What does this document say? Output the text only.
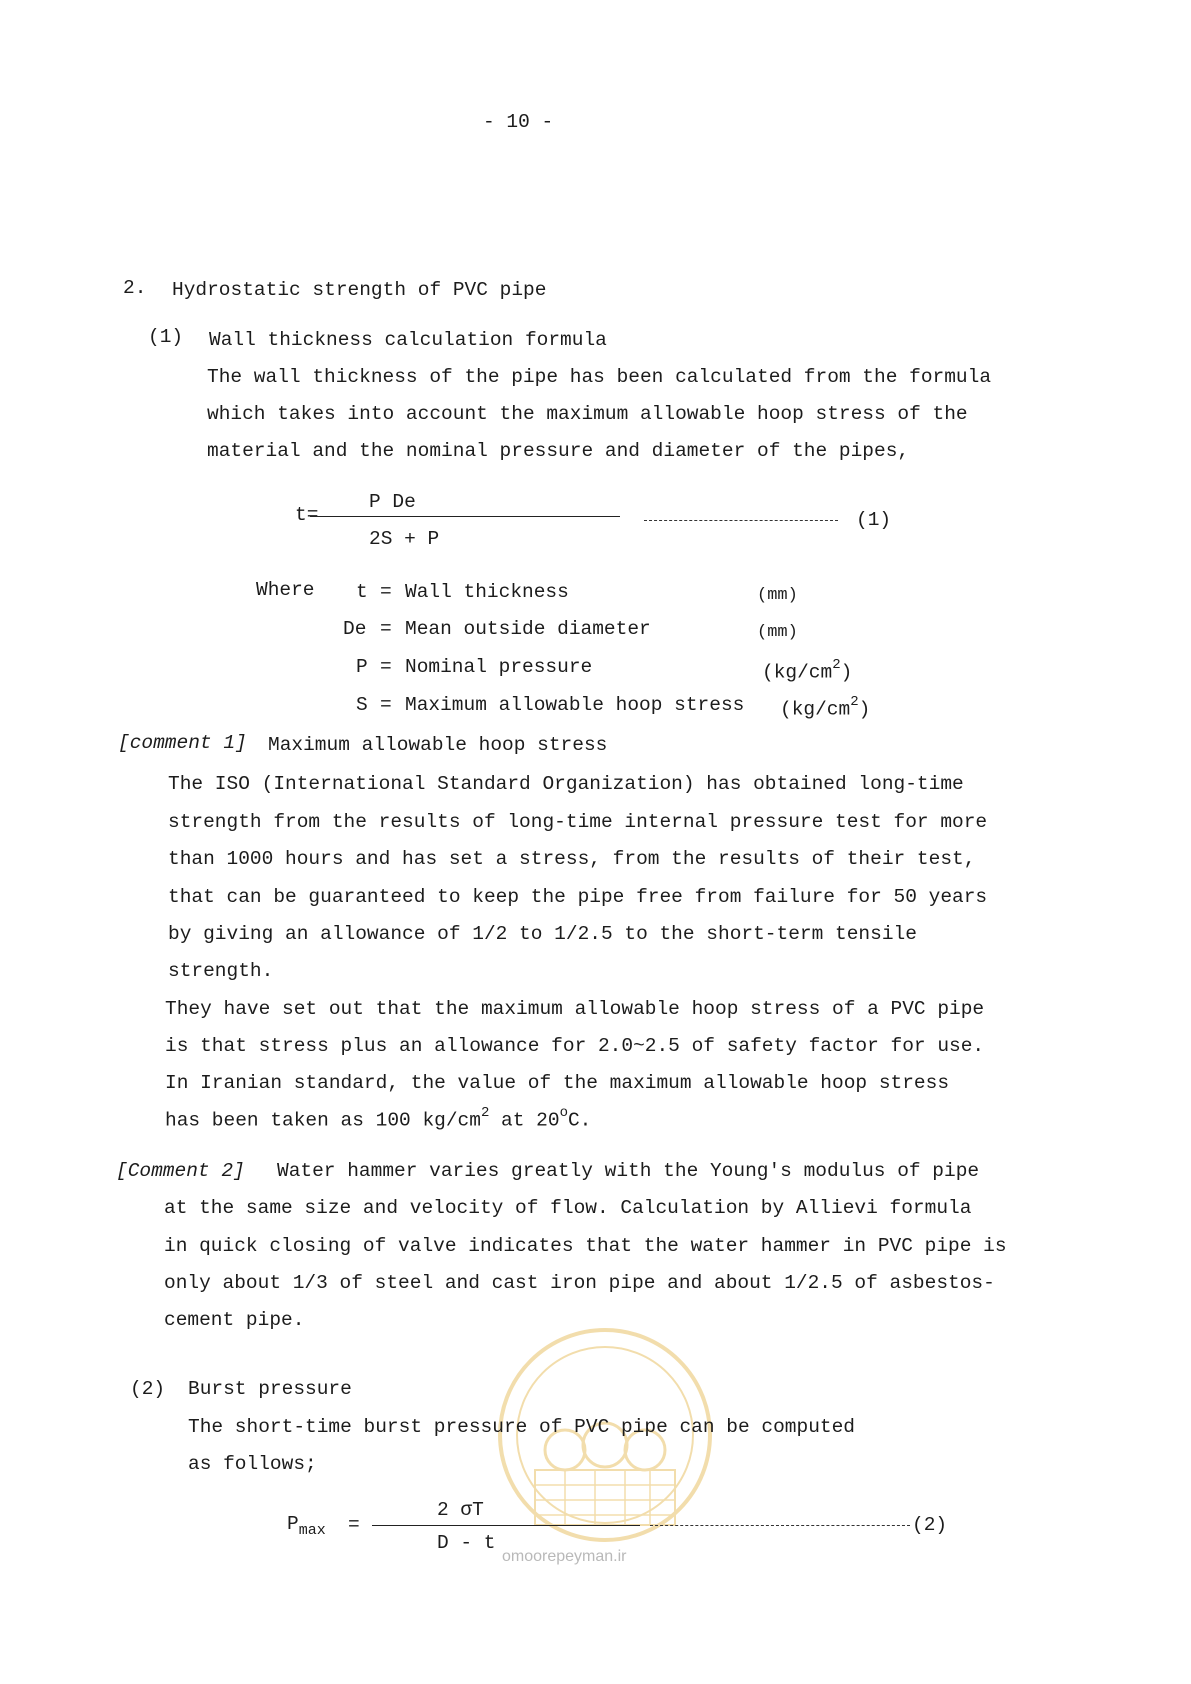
- 10 -
2. Hydrostatic strength of PVC pipe
(1) Wall thickness calculation formula
The wall thickness of the pipe has been calculated from the formula
which takes into account the maximum allowable hoop stress of the
material and the nominal pressure and diameter of the pipes,
t=
P De
2S + P
(1)
Where t = Wall thickness	(mm)
De = Mean outside diameter	(mm)
P = Nominal pressure	$(kg/cm^2)$
S = Maximum allowable hoop stress $(kg/cm^2)$
[comment 1] Maximum allowable hoop stress
The ISO (International Standard Organization) has obtained long-time
strength from the results of long-time internal pressure test for more
than 1000 hours and has set a stress, from the results of their test,
that can be guaranteed to keep the pipe free from failure for 50 years
by giving an allowance of 1/2 to 1/2.5 to the short-term tensile
strength.
They have set out that the maximum allowable hoop stress of a PVC pipe
is that stress plus an allowance for 2.0~2.5 of safety factor for use.
In Iranian standard, the value of the maximum allowable hoop stress
has been taken as 100 $kg/cm^2$ at 20$^o$C.
[Comment 2] Water hammer varies greatly with the Young's modulus of pipe
at the same size and velocity of flow. Calculation by Allievi formula
in quick closing of valve indicates that the water hammer in PVC pipe is
only about 1/3 of steel and cast iron pipe and about 1/2.5 of asbestos-
cement pipe.
omoorepeyman.ir
(2) Burst pressure
The short-time burst pressure of PVC pipe can be computed
as follows;
$P_{max}$ =
2 σT
D - t
(2)
